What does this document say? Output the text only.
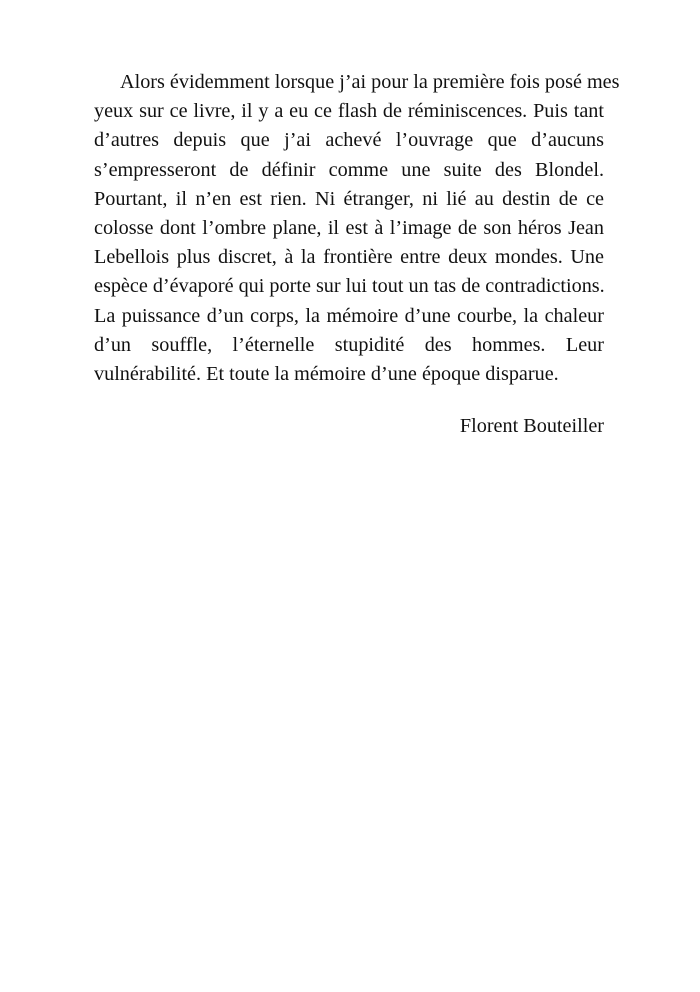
Alors évidemment lorsque j’ai pour la première fois posé mes
yeux sur ce livre, il y a eu ce flash de réminiscences. Puis tant
d’autres depuis que j’ai achevé l’ouvrage que d’aucuns
s’empresseront de définir comme une suite des Blondel.
Pourtant, il n’en est rien. Ni étranger, ni lié au destin de ce
colosse dont l’ombre plane, il est à l’image de son héros Jean
Lebellois plus discret, à la frontière entre deux mondes. Une
espèce d’évaporé qui porte sur lui tout un tas de contradictions.
La puissance d’un corps, la mémoire d’une courbe, la chaleur
d’un souffle, l’éternelle stupidité des hommes. Leur
vulnérabilité. Et toute la mémoire d’une époque disparue.

Florent Bouteiller
